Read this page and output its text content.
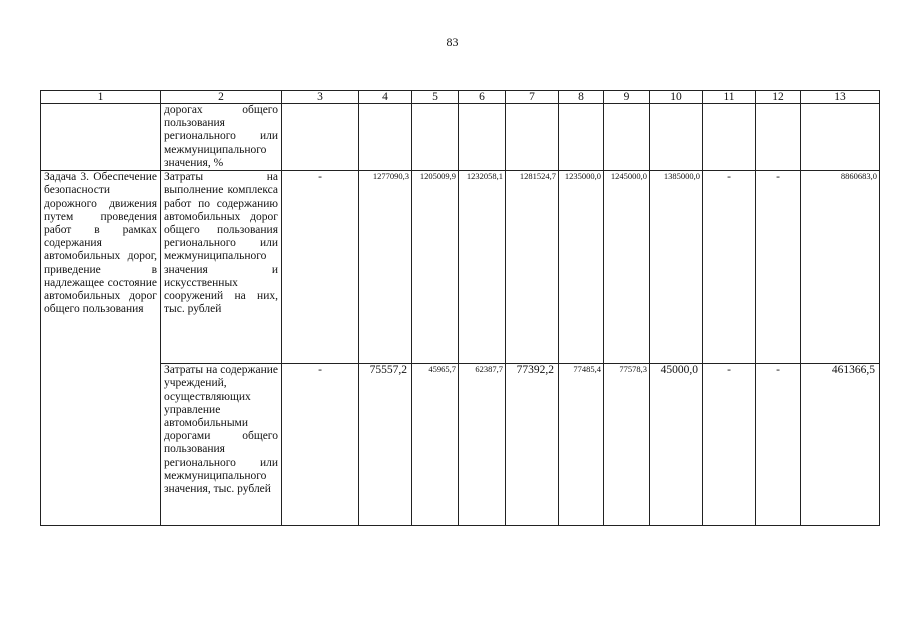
83
1	2	3	4	5	6	7	8	9	10	11	12	13
	дорогах общего пользования регионального или межмуниципального значения, %											
Задача 3. Обеспечение безопасности дорожного движения путем проведения работ в рамках содержания автомобильных дорог, приведение в надлежащее состояние автомобильных дорог общего пользования	Затраты на выполнение комплекса работ по содержанию автомобильных дорог общего пользования регионального или межмуниципального значения и искусственных сооружений на них, тыс. рублей	-	1277090,3	1205009,9	1232058,1	1281524,7	1235000,0	1245000,0	1385000,0	-	-	8860683,0
	Затраты на содержание учреждений, осуществляющих управление автомобильными дорогами общего пользования регионального или межмуниципального значения, тыс. рублей	-	75557,2	45965,7	62387,7	77392,2	77485,4	77578,3	45000,0	-	-	461366,5
